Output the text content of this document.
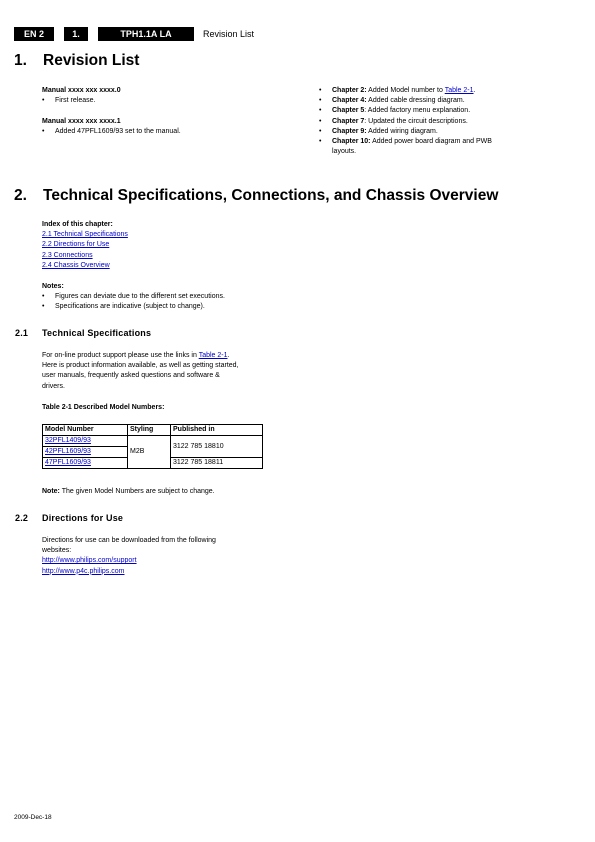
EN 2	1.	TPH1.1A LA	Revision List
1. Revision List
Manual xxxx xxx xxxx.0
• First release.
Manual xxxx xxx xxxx.1
• Added 47PFL1609/93 set to the manual.
• Chapter 2: Added Model number to Table 2-1.
• Chapter 4: Added cable dressing diagram.
• Chapter 5: Added factory menu explanation.
• Chapter 7: Updated the circuit descriptions.
• Chapter 9: Added wiring diagram.
• Chapter 10: Added power board diagram and PWB
layouts.
2. Technical Specifications, Connections, and Chassis Overview
Index of this chapter:
2.1 Technical Specifications
2.2 Directions for Use
2.3 Connections
2.4 Chassis Overview
Notes:
• Figures can deviate due to the different set executions.
• Specifications are indicative (subject to change).
2.1 Technical Specifications
For on-line product support please use the links in Table 2-1.
Here is product information available, as well as getting started,
user manuals, frequently asked questions and software &
drivers.
Table 2-1 Described Model Numbers:
Model Number	Styling	Published in
32PFL1409/93	M2B	3122 785 18810
42PFL1609/93		
47PFL1609/93		3122 785 18811
Note: The given Model Numbers are subject to change.
2.2 Directions for Use
Directions for use can be downloaded from the following
websites:
http://www.philips.com/support
http://www.p4c.philips.com
2009-Dec-18
